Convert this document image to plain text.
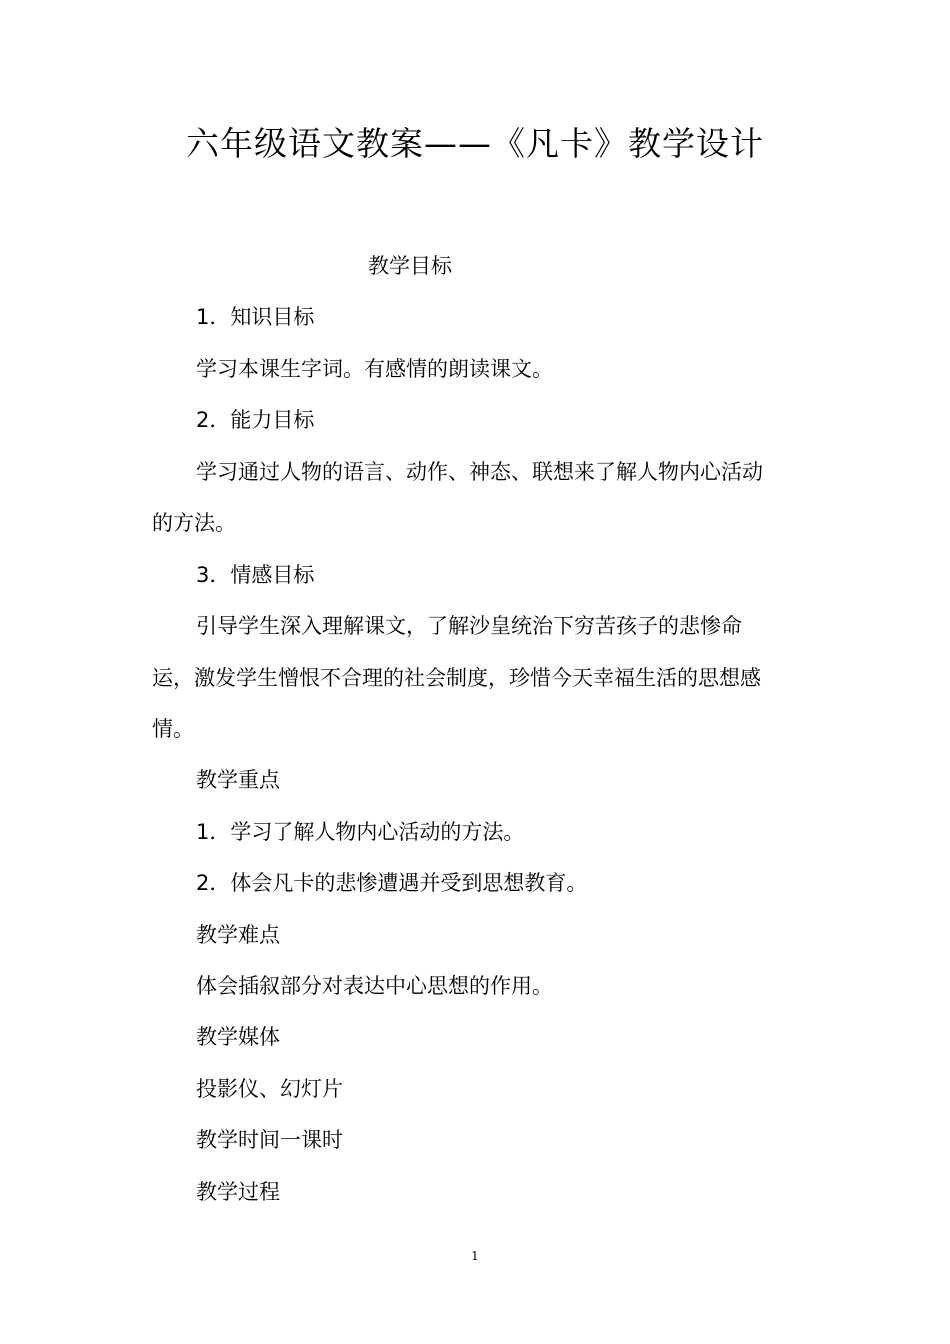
六年级语文教案——《凡卡》教学设计
教学目标
1．知识目标
学习本课生字词。有感情的朗读课文。
2．能力目标
学习通过人物的语言、动作、神态、联想来了解人物内心活动
的方法。
3．情感目标
引导学生深入理解课文，了解沙皇统治下穷苦孩子的悲惨命
运，激发学生憎恨不合理的社会制度，珍惜今天幸福生活的思想感
情。
教学重点
1．学习了解人物内心活动的方法。
2．体会凡卡的悲惨遭遇并受到思想教育。
教学难点
体会插叙部分对表达中心思想的作用。
教学媒体
投影仪、幻灯片
教学时间一课时
教学过程
1
